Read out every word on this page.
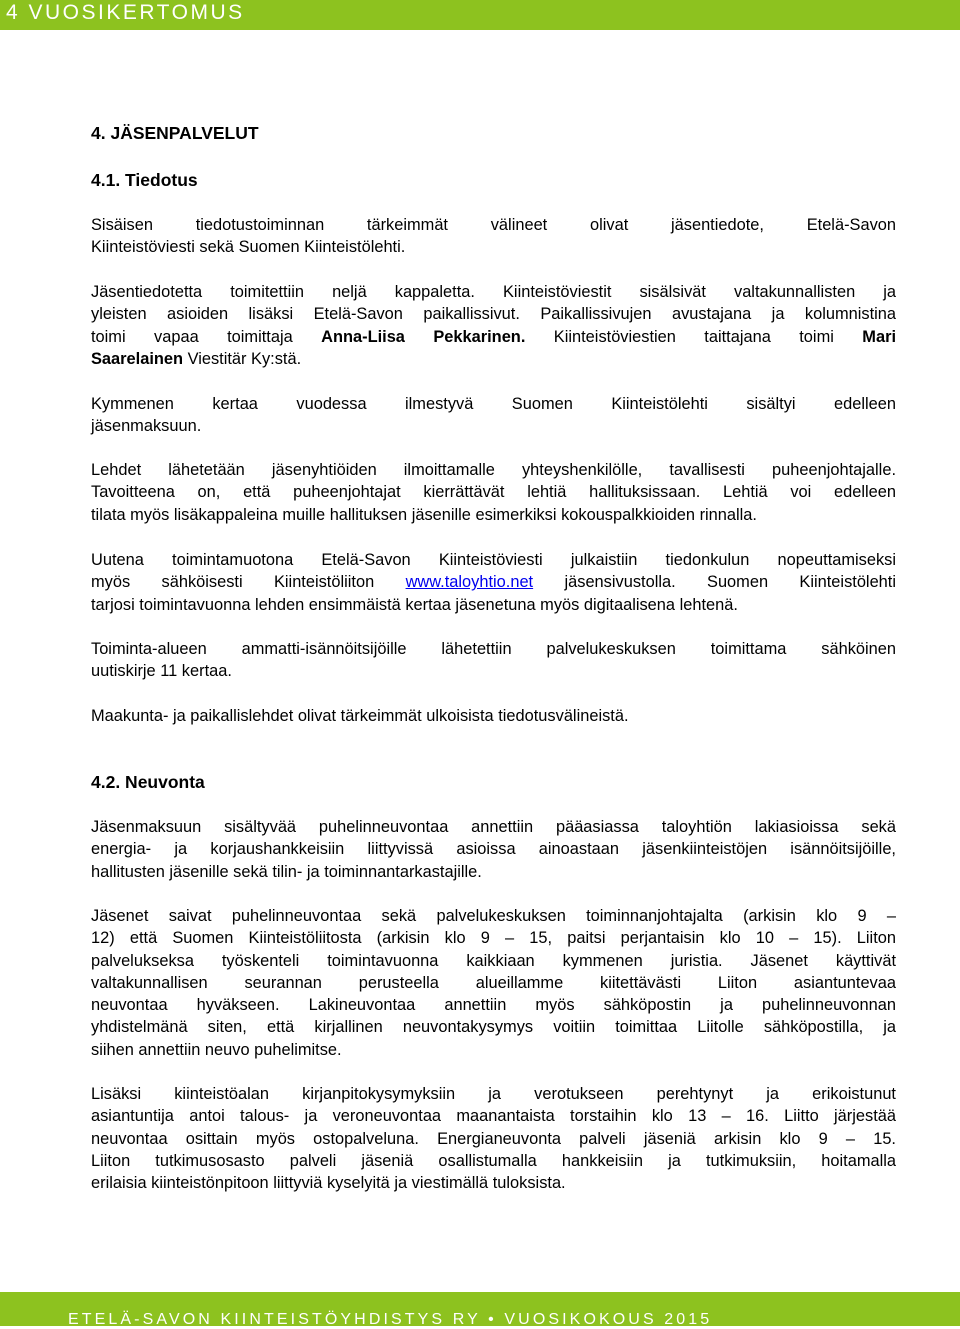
4 VUOSIKERTOMUS
4. JÄSENPALVELUT
4.1. Tiedotus
Sisäisen tiedotustoiminnan tärkeimmät välineet olivat jäsentiedote, Etelä-Savon
Kiinteistöviesti sekä Suomen Kiinteistölehti.
Jäsentiedotetta toimitettiin neljä kappaletta. Kiinteistöviestit sisälsivät valtakunnallisten ja
yleisten asioiden lisäksi Etelä-Savon paikallissivut. Paikallissivujen avustajana ja kolumnistina
toimi vapaa toimittaja Anna-Liisa Pekkarinen. Kiinteistöviestien taittajana toimi Mari
Saarelainen Viestitär Ky:stä.
Kymmenen kertaa vuodessa ilmestyvä Suomen Kiinteistölehti sisältyi edelleen
jäsenmaksuun.
Lehdet lähetetään jäsenyhtiöiden ilmoittamalle yhteyshenkilölle, tavallisesti puheenjohtajalle.
Tavoitteena on, että puheenjohtajat kierrättävät lehtiä hallituksissaan. Lehtiä voi edelleen
tilata myös lisäkappaleina muille hallituksen jäsenille esimerkiksi kokouspalkkioiden rinnalla.
Uutena toimintamuotona Etelä-Savon Kiinteistöviesti julkaistiin tiedonkulun nopeuttamiseksi
myös sähköisesti Kiinteistöliiton www.taloyhtio.net jäsensivustolla. Suomen Kiinteistölehti
tarjosi toimintavuonna lehden ensimmäistä kertaa jäsenetuna myös digitaalisena lehtenä.
Toiminta-alueen ammatti-isännöitsijöille lähetettiin palvelukeskuksen toimittama sähköinen
uutiskirje 11 kertaa.
Maakunta- ja paikallislehdet olivat tärkeimmät ulkoisista tiedotusvälineistä.
4.2. Neuvonta
Jäsenmaksuun sisältyvää puhelinneuvontaa annettiin pääasiassa taloyhtiön lakiasioissa sekä
energia- ja korjaushankkeisiin liittyvissä asioissa ainoastaan jäsenkiinteistöjen isännöitsijöille,
hallitusten jäsenille sekä tilin- ja toiminnantarkastajille.
Jäsenet saivat puhelinneuvontaa sekä palvelukeskuksen toiminnanjohtajalta (arkisin klo 9 –
12) että Suomen Kiinteistöliitosta (arkisin klo 9 – 15, paitsi perjantaisin klo 10 – 15). Liiton
palvelukseksa työskenteli toimintavuonna kaikkiaan kymmenen juristia. Jäsenet käyttivät
valtakunnallisen seurannan perusteella alueillamme kiitettävästi Liiton asiantuntevaa
neuvontaa hyväkseen. Lakineuvontaa annettiin myös sähköpostin ja puhelinneuvonnan
yhdistelmänä siten, että kirjallinen neuvontakysymys voitiin toimittaa Liitolle sähköpostilla, ja
siihen annettiin neuvo puhelimitse.
Lisäksi kiinteistöalan kirjanpitokysymyksiin ja verotukseen perehtynyt ja erikoistunut
asiantuntija antoi talous- ja veroneuvontaa maanantaista torstaihin klo 13 – 16. Liitto järjestää
neuvontaa osittain myös ostopalveluna. Energianeuvonta palveli jäseniä arkisin klo 9 – 15.
Liiton tutkimusosasto palveli jäseniä osallistumalla hankkeisiin ja tutkimuksiin, hoitamalla
erilaisia kiinteistönpitoon liittyviä kyselyitä ja viestimällä tuloksista.
ETELÄ-SAVON KIINTEISTÖYHDISTYS RY • VUOSIKOKOUS 2015
